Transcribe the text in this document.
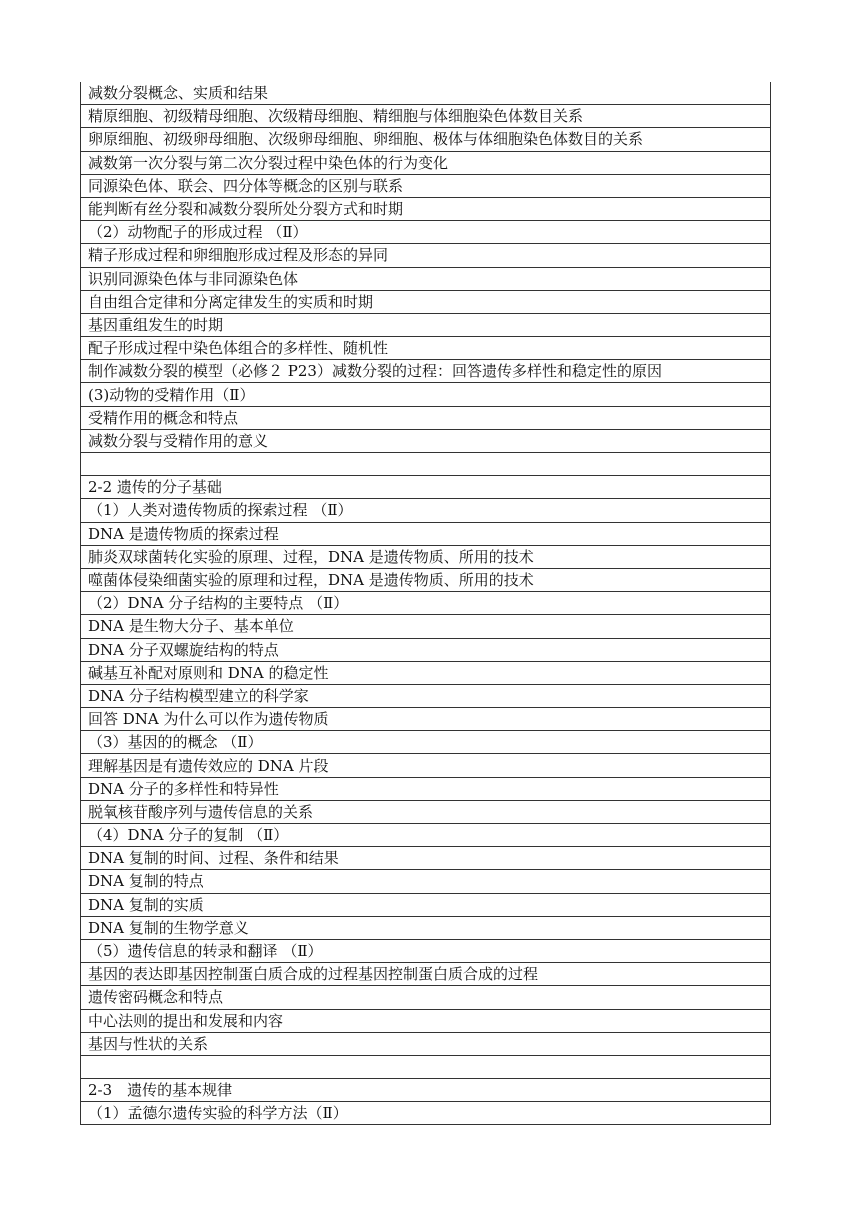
减数分裂概念、实质和结果
精原细胞、初级精母细胞、次级精母细胞、精细胞与体细胞染色体数目关系
卵原细胞、初级卵母细胞、次级卵母细胞、卵细胞、极体与体细胞染色体数目的关系
减数第一次分裂与第二次分裂过程中染色体的行为变化
同源染色体、联会、四分体等概念的区别与联系
能判断有丝分裂和减数分裂所处分裂方式和时期
（2）动物配子的形成过程 （Ⅱ）
精子形成过程和卵细胞形成过程及形态的异同
识别同源染色体与非同源染色体
自由组合定律和分离定律发生的实质和时期
基因重组发生的时期
配子形成过程中染色体组合的多样性、随机性
制作减数分裂的模型（必修２ P23）减数分裂的过程：回答遗传多样性和稳定性的原因
(3)动物的受精作用（Ⅱ）
受精作用的概念和特点
减数分裂与受精作用的意义

2-2 遗传的分子基础
（1）人类对遗传物质的探索过程 （Ⅱ）
DNA 是遗传物质的探索过程
肺炎双球菌转化实验的原理、过程，DNA 是遗传物质、所用的技术
噬菌体侵染细菌实验的原理和过程，DNA 是遗传物质、所用的技术
（2）DNA 分子结构的主要特点 （Ⅱ）
DNA 是生物大分子、基本单位
DNA 分子双螺旋结构的特点
碱基互补配对原则和 DNA 的稳定性
DNA 分子结构模型建立的科学家
回答 DNA 为什么可以作为遗传物质
（3）基因的的概念 （Ⅱ）
理解基因是有遗传效应的 DNA 片段
DNA 分子的多样性和特异性
脱氧核苷酸序列与遗传信息的关系
（4）DNA 分子的复制 （Ⅱ）
DNA 复制的时间、过程、条件和结果
DNA 复制的特点
DNA 复制的实质
DNA 复制的生物学意义
（5）遗传信息的转录和翻译 （Ⅱ）
基因的表达即基因控制蛋白质合成的过程基因控制蛋白质合成的过程
遗传密码概念和特点
中心法则的提出和发展和内容
基因与性状的关系

2-3　遗传的基本规律
（1）孟德尔遗传实验的科学方法（Ⅱ）
